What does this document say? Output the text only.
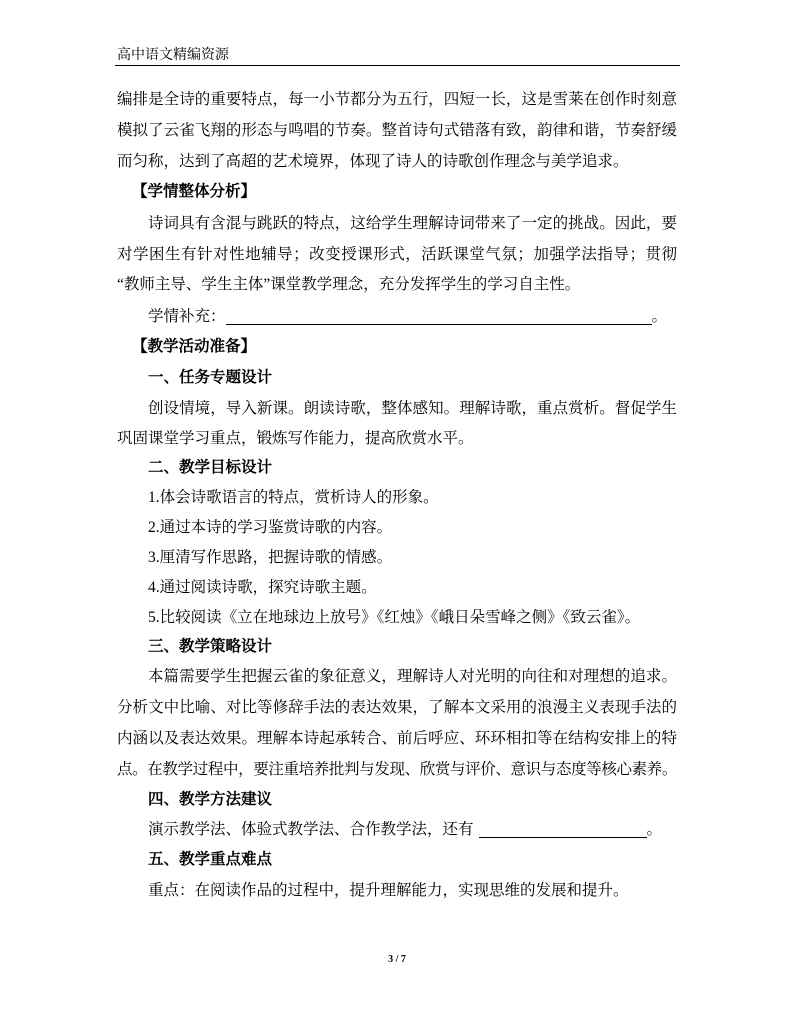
高中语文精编资源
编排是全诗的重要特点，每一小节都分为五行，四短一长，这是雪莱在创作时刻意
模拟了云雀飞翔的形态与鸣唱的节奏。整首诗句式错落有致，韵律和谐，节奏舒缓
而匀称，达到了高超的艺术境界，体现了诗人的诗歌创作理念与美学追求。
【学情整体分析】
诗词具有含混与跳跃的特点，这给学生理解诗词带来了一定的挑战。因此，要
对学困生有针对性地辅导；改变授课形式，活跃课堂气氛；加强学法指导；贯彻
“教师主导、学生主体”课堂教学理念，充分发挥学生的学习自主性。
学情补充：	。
【教学活动准备】
一、任务专题设计
创设情境，导入新课。朗读诗歌，整体感知。理解诗歌，重点赏析。督促学生
巩固课堂学习重点，锻炼写作能力，提高欣赏水平。
二、教学目标设计
1.体会诗歌语言的特点，赏析诗人的形象。
2.通过本诗的学习鉴赏诗歌的内容。
3.厘清写作思路，把握诗歌的情感。
4.通过阅读诗歌，探究诗歌主题。
5.比较阅读《立在地球边上放号》《红烛》《峨日朵雪峰之侧》《致云雀》。
三、教学策略设计
本篇需要学生把握云雀的象征意义，理解诗人对光明的向往和对理想的追求。
分析文中比喻、对比等修辞手法的表达效果，了解本文采用的浪漫主义表现手法的
内涵以及表达效果。理解本诗起承转合、前后呼应、环环相扣等在结构安排上的特
点。在教学过程中，要注重培养批判与发现、欣赏与评价、意识与态度等核心素养。
四、教学方法建议
演示教学法、体验式教学法、合作教学法，还有	。
五、教学重点难点
重点：在阅读作品的过程中，提升理解能力，实现思维的发展和提升。
3 / 7
